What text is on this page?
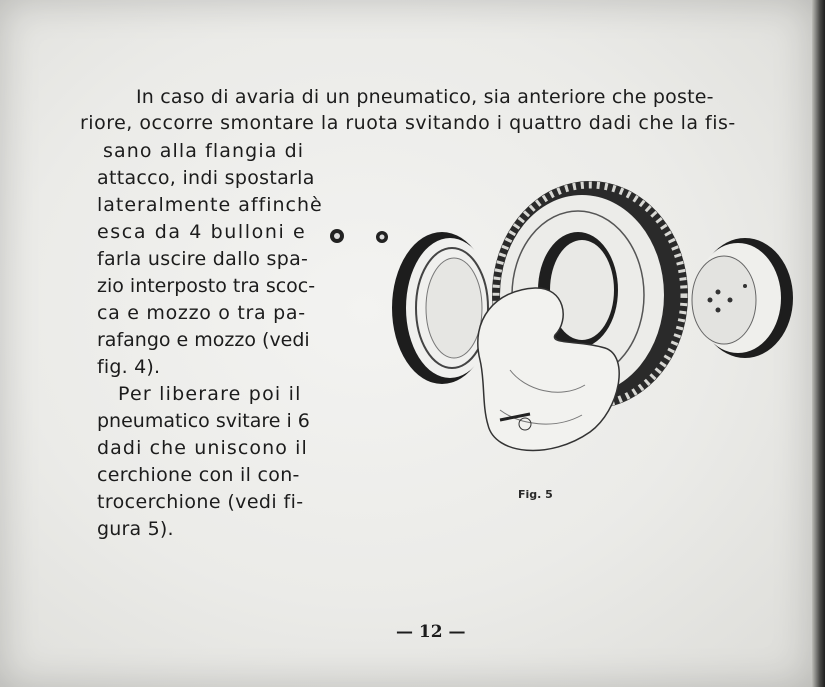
In caso di avaria di un pneumatico, sia anteriore che poste-
riore, occorre smontare la ruota svitando i quattro dadi che la fis-
sano alla flangia di
attacco, indi spostarla
lateralmente affinchè
esca da 4 bulloni e
farla uscire dallo spa-
zio interposto tra scoc-
ca e mozzo o tra pa-
rafango e mozzo (vedi
fig. 4).
Per liberare poi il
pneumatico svitare i 6
dadi che uniscono il
cerchione con il con-
trocerchione (vedi fi-
gura 5).
Fig. 5
— 12 —
